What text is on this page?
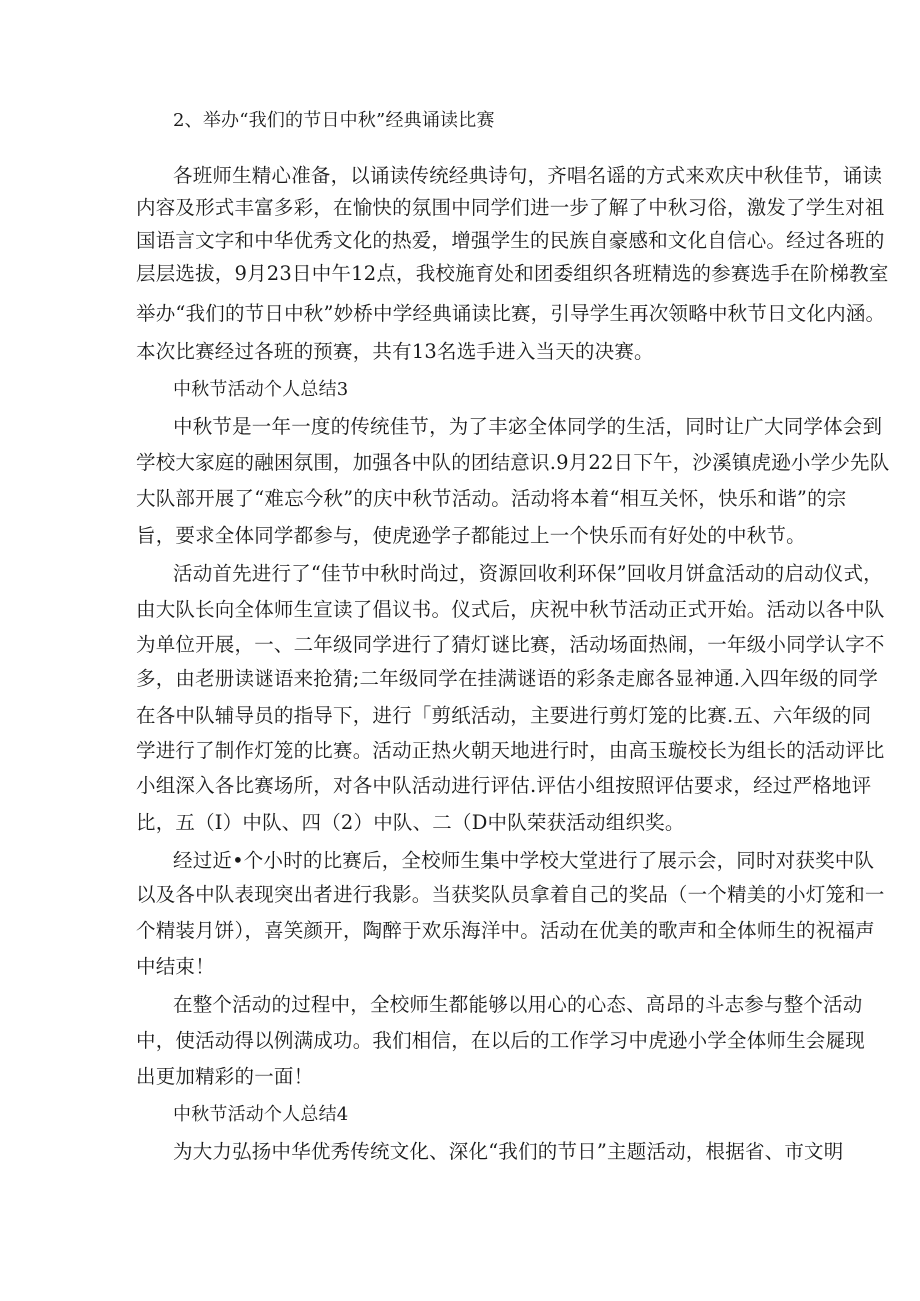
2、举办“我们的节日中秋”经典诵读比赛
各班师生精心准备，以诵读传统经典诗句，齐唱名谣的方式来欢庆中秋佳节，诵读
内容及形式丰富多彩，在愉快的氛围中同学们进一步了解了中秋习俗，激发了学生对祖
国语言文字和中华优秀文化的热爱，增强学生的民族自豪感和文化自信心。经过各班的
层层选拔，9月23日中午12点，我校施育处和团委组织各班精选的参赛选手在阶梯教室
举办“我们的节日中秋”妙桥中学经典诵读比赛，引导学生再次领略中秋节日文化内涵。
本次比赛经过各班的预赛，共有13名选手进入当天的决赛。
中秋节活动个人总结3
中秋节是一年一度的传统佳节，为了丰宓全体同学的生活，同时让广大同学体会到
学校大家庭的融困氛围，加强各中队的团结意识.9月22日下午，沙溪镇虎逊小学少先队
大队部开展了“难忘今秋”的庆中秋节活动。活动将本着“相互关怀，快乐和谐”的宗
旨，要求全体同学都参与，使虎逊学子都能过上一个快乐而有好处的中秋节。
活动首先进行了“佳节中秋时尚过，资源回收利环保”回收月饼盒活动的启动仪式，
由大队长向全体师生宣读了倡议书。仪式后，庆祝中秋节活动正式开始。活动以各中队
为单位开展，一、二年级同学进行了猜灯谜比赛，活动场面热闹，一年级小同学认字不
多，由老册读谜语来抢猜;二年级同学在挂满谜语的彩条走廊各显神通.入四年级的同学
在各中队辅导员的指导下，进行「剪纸活动，主要进行剪灯笼的比赛.五、六年级的同
学进行了制作灯笼的比赛。活动正热火朝天地进行时，由高玉璇校长为组长的活动评比
小组深入各比赛场所，对各中队活动进行评估.评估小组按照评估要求，经过严格地评
比，五（I）中队、四（2）中队、二（D中队荣获活动组织奖。
经过近•个小时的比赛后，全校师生集中学校大堂进行了展示会，同时对获奖中队
以及各中队表现突出者进行我影。当获奖队员拿着自己的奖品（一个精美的小灯笼和一
个精装月饼），喜笑颜开，陶醉于欢乐海洋中。活动在优美的歌声和全体师生的祝福声
中结束！
在整个活动的过程中，全校师生都能够以用心的心态、高昂的斗志参与整个活动
中，使活动得以例满成功。我们相信，在以后的工作学习中虎逊小学全体师生会屣现
出更加精彩的一面！
中秋节活动个人总结4
为大力弘扬中华优秀传统文化、深化“我们的节日”主题活动，根据省、市文明
